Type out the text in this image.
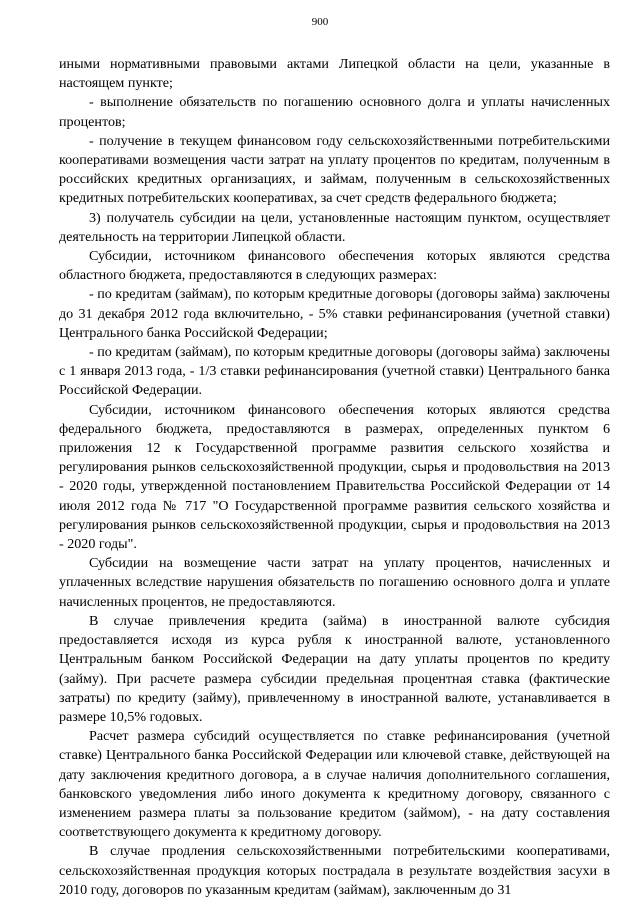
900

иными нормативными правовыми актами Липецкой области на цели, указанные в настоящем пункте;

- выполнение обязательств по погашению основного долга и уплаты начисленных процентов;

- получение в текущем финансовом году сельскохозяйственными потребительскими кооперативами возмещения части затрат на уплату процентов по кредитам, полученным в российских кредитных организациях, и займам, полученным в сельскохозяйственных кредитных потребительских кооперативах, за счет средств федерального бюджета;

3) получатель субсидии на цели, установленные настоящим пунктом, осуществляет деятельность на территории Липецкой области.

Субсидии, источником финансового обеспечения которых являются средства областного бюджета, предоставляются в следующих размерах:

- по кредитам (займам), по которым кредитные договоры (договоры займа) заключены до 31 декабря 2012 года включительно, - 5% ставки рефинансирования (учетной ставки) Центрального банка Российской Федерации;

- по кредитам (займам), по которым кредитные договоры (договоры займа) заключены с 1 января 2013 года, - 1/3 ставки рефинансирования (учетной ставки) Центрального банка Российской Федерации.

Субсидии, источником финансового обеспечения которых являются средства федерального бюджета, предоставляются в размерах, определенных пунктом 6 приложения 12 к Государственной программе развития сельского хозяйства и регулирования рынков сельскохозяйственной продукции, сырья и продовольствия на 2013 - 2020 годы, утвержденной постановлением Правительства Российской Федерации от 14 июля 2012 года № 717 "О Государственной программе развития сельского хозяйства и регулирования рынков сельскохозяйственной продукции, сырья и продовольствия на 2013 - 2020 годы".

Субсидии на возмещение части затрат на уплату процентов, начисленных и уплаченных вследствие нарушения обязательств по погашению основного долга и уплате начисленных процентов, не предоставляются.

В случае привлечения кредита (займа) в иностранной валюте субсидия предоставляется исходя из курса рубля к иностранной валюте, установленного Центральным банком Российской Федерации на дату уплаты процентов по кредиту (займу). При расчете размера субсидии предельная процентная ставка (фактические затраты) по кредиту (займу), привлеченному в иностранной валюте, устанавливается в размере 10,5% годовых.

Расчет размера субсидий осуществляется по ставке рефинансирования (учетной ставке) Центрального банка Российской Федерации или ключевой ставке, действующей на дату заключения кредитного договора, а в случае наличия дополнительного соглашения, банковского уведомления либо иного документа к кредитному договору, связанного с изменением размера платы за пользование кредитом (займом), - на дату составления соответствующего документа к кредитному договору.

В случае продления сельскохозяйственными потребительскими кооперативами, сельскохозяйственная продукция которых пострадала в результате воздействия засухи в 2010 году, договоров по указанным кредитам (займам), заключенным до 31
